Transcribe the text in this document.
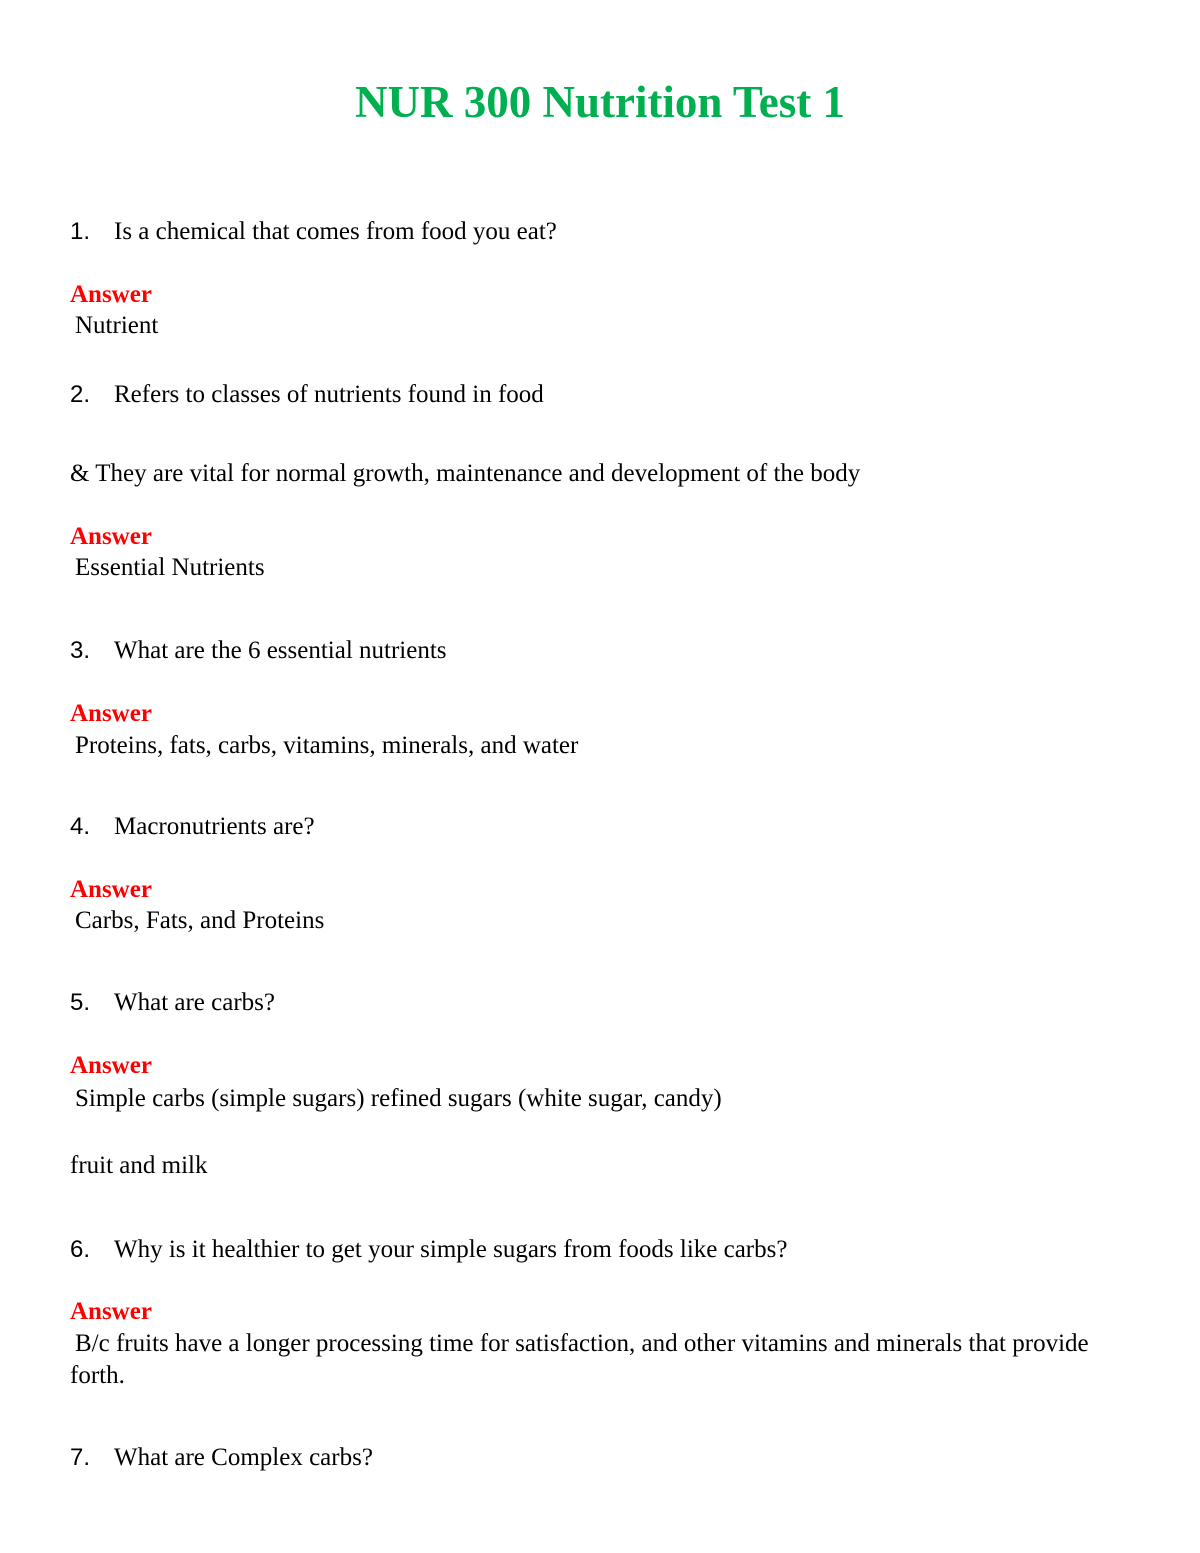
NUR 300 Nutrition Test 1
1. Is a chemical that comes from food you eat?
Answer
Nutrient
2. Refers to classes of nutrients found in food
& They are vital for normal growth, maintenance and development of the body
Answer
Essential Nutrients
3. What are the 6 essential nutrients
Answer
Proteins, fats, carbs, vitamins, minerals, and water
4. Macronutrients are?
Answer
Carbs, Fats, and Proteins
5. What are carbs?
Answer
Simple carbs (simple sugars) refined sugars (white sugar, candy)
fruit and milk
6. Why is it healthier to get your simple sugars from foods like carbs?
Answer
B/c fruits have a longer processing time for satisfaction, and other vitamins and minerals that provide forth.
7. What are Complex carbs?
